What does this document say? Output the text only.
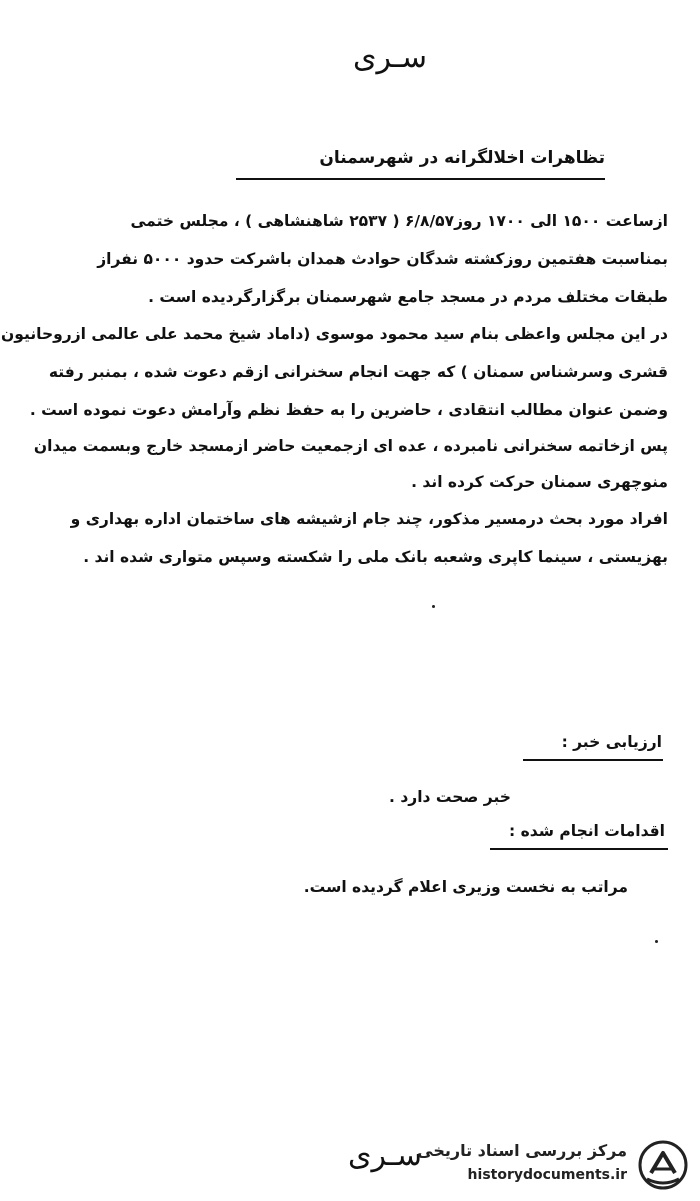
سـری
تظاهرات اخلالگرانه در شهرسمنان
ازساعت ۱۵۰۰ الی ۱۷۰۰ روز۶/۸/۵۷ ( ۲۵۳۷ شاهنشاهی ) ، مجلس ختمی
بمناسبت هفتمین روزکشته شدگان حوادث همدان باشرکت حدود ۵۰۰۰ نفراز
طبقات مختلف مردم در مسجد جامع شهرسمنان برگزارگردیده است .
در این مجلس واعظی بنام سید محمود موسوی (داماد شیخ محمد علی عالمی ازروحانیون
قشری وسرشناس سمنان ) که جهت انجام سخنرانی ازقم دعوت شده ، بمنبر رفته
وضمن عنوان مطالب انتقادی ، حاضرین را به حفظ نظم وآرامش دعوت نموده است .
پس ازخاتمه سخنرانی نامبرده ، عده ای ازجمعیت حاضر ازمسجد خارج وبسمت میدان
منوچهری سمنان حرکت کرده اند .
افراد مورد بحث درمسیر مذکور، چند جام ازشیشه های ساختمان اداره بهداری و
بهزیستی ، سینما کاپری وشعبه بانک ملی را شکسته وسپس متواری شده اند .
ارزیابی خبر :
خبر صحت دارد .
اقدامات انجام شده :
مراتب به نخست وزیری اعلام گردیده است.
سـری
مرکز بررسی اسناد تاریخی
historydocuments.ir
